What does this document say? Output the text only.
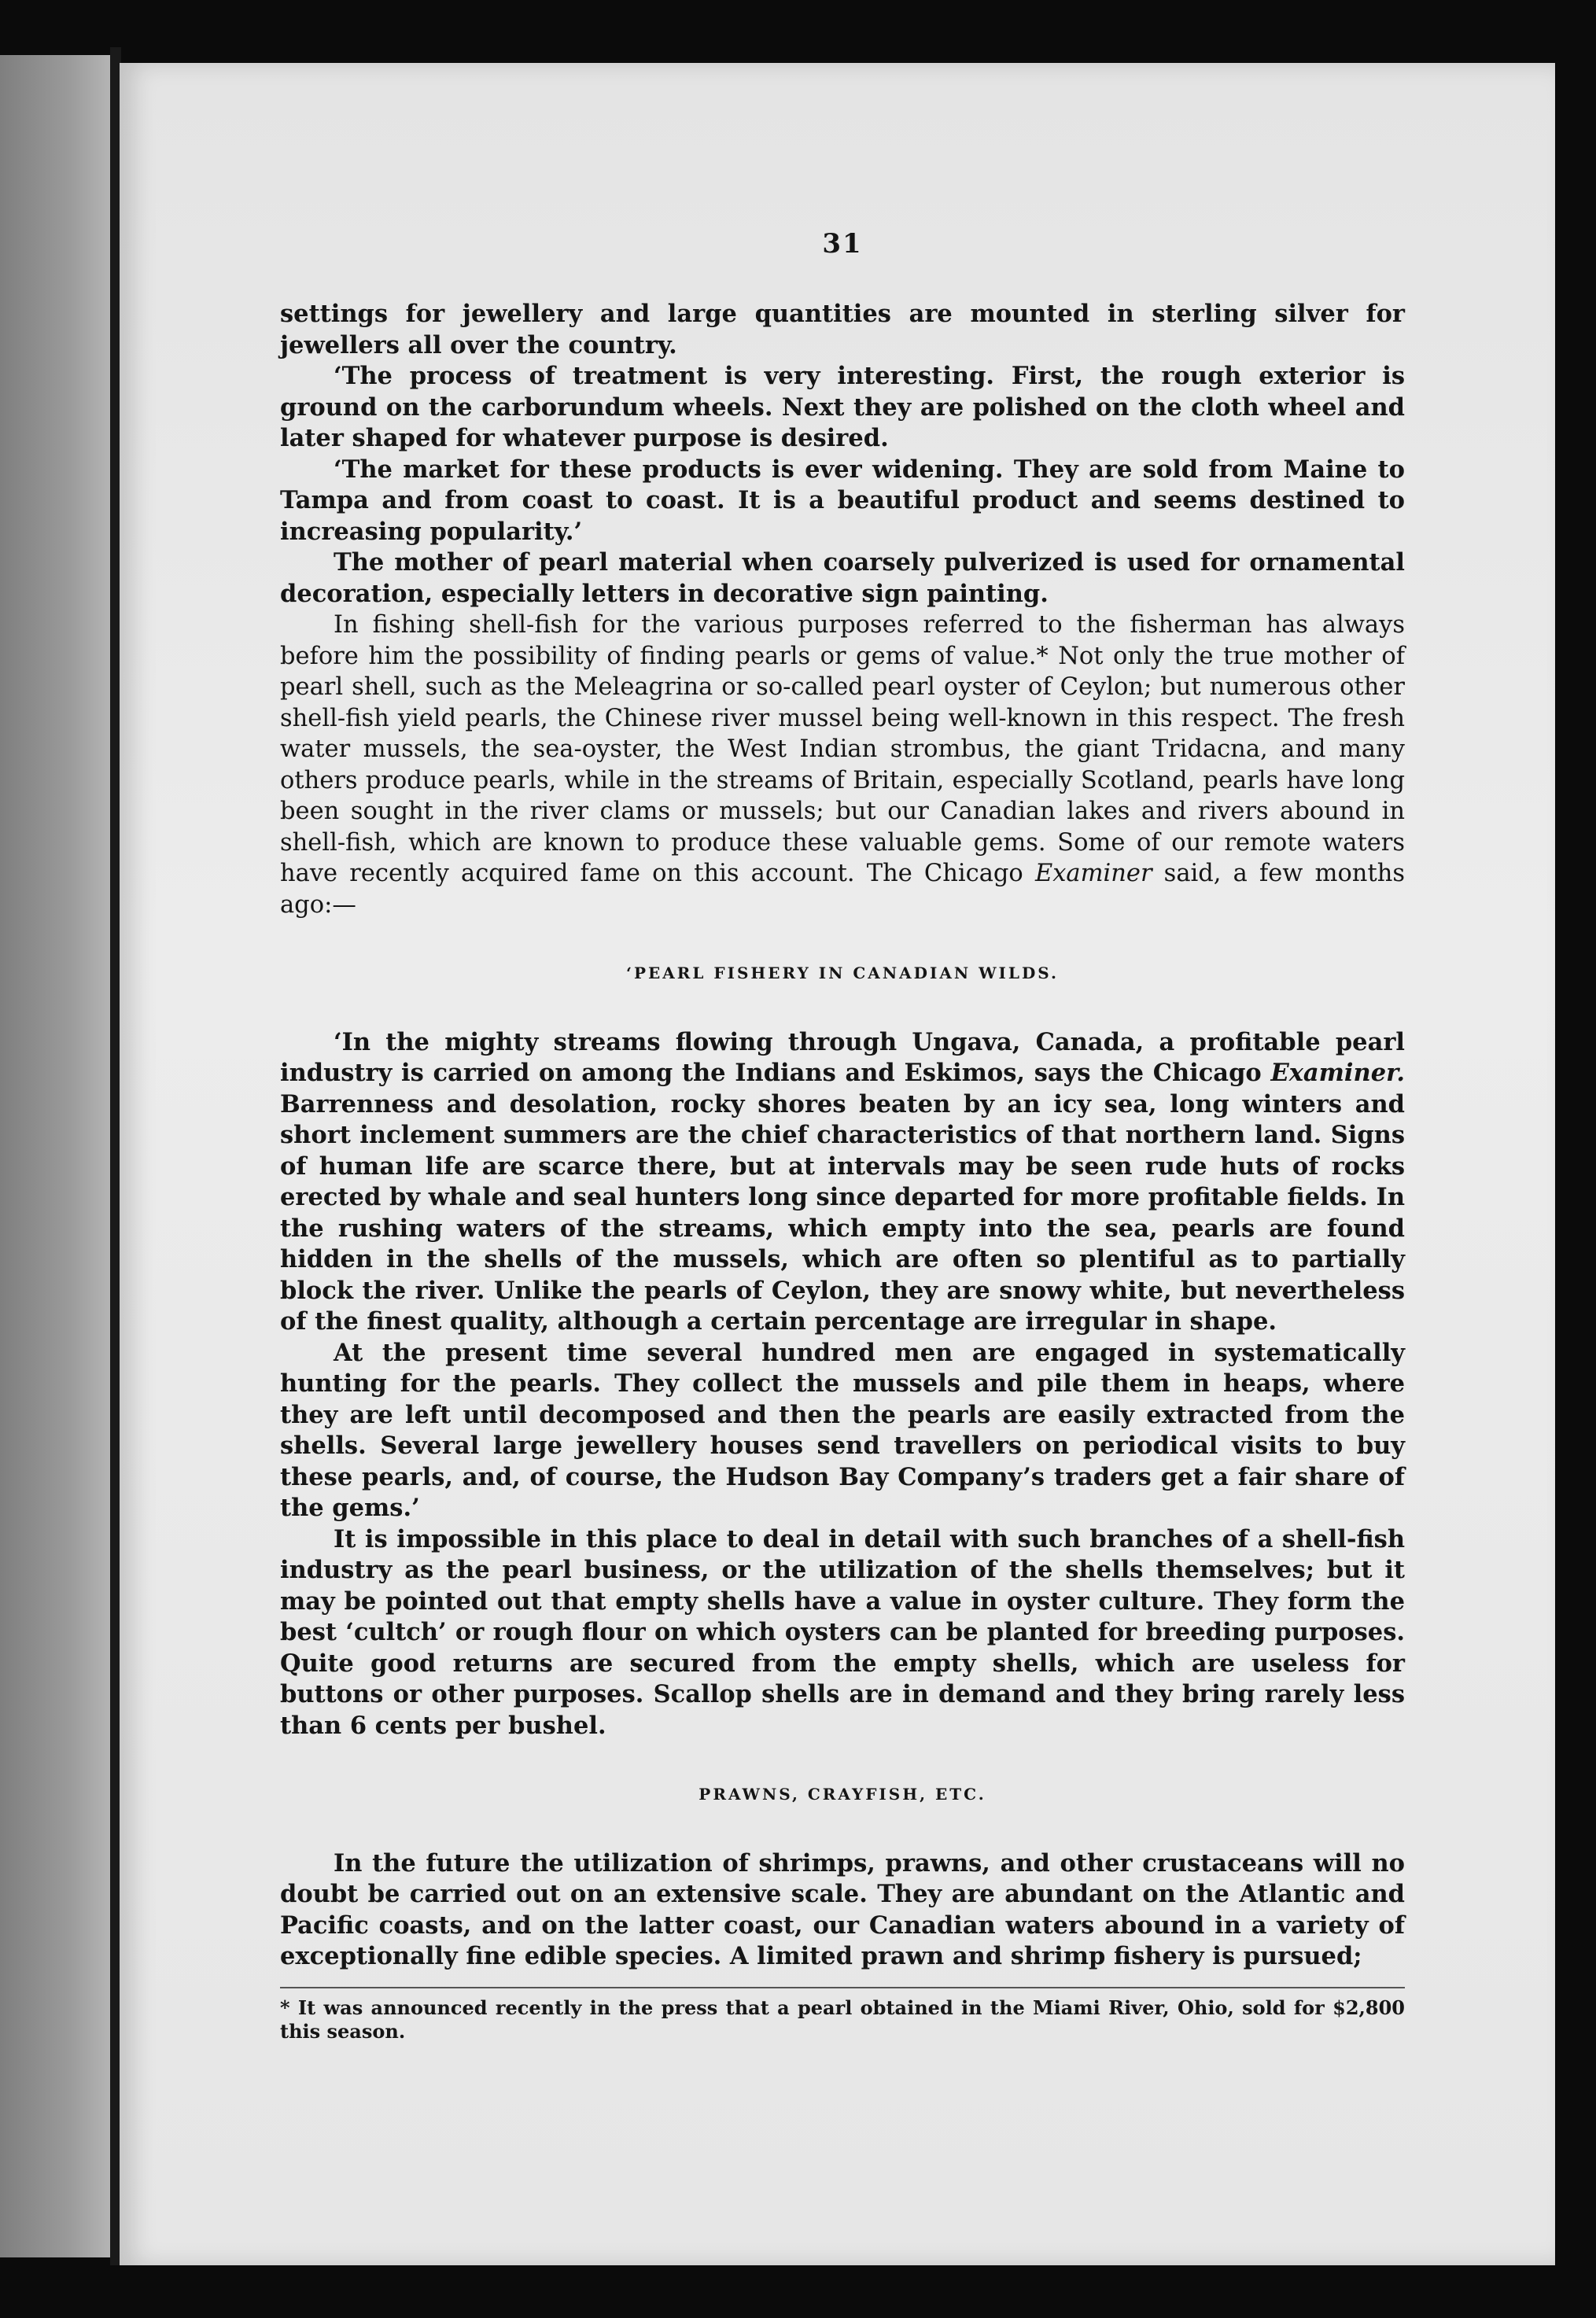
31

settings for jewellery and large quantities are mounted in sterling silver for jewellers all over the country.

‘The process of treatment is very interesting. First, the rough exterior is ground on the carborundum wheels. Next they are polished on the cloth wheel and later shaped for whatever purpose is desired.

‘The market for these products is ever widening. They are sold from Maine to Tampa and from coast to coast. It is a beautiful product and seems destined to increasing popularity.’

The mother of pearl material when coarsely pulverized is used for ornamental decoration, especially letters in decorative sign painting.

In fishing shell-fish for the various purposes referred to the fisherman has always before him the possibility of finding pearls or gems of value.* Not only the true mother of pearl shell, such as the Meleagrina or so-called pearl oyster of Ceylon; but numerous other shell-fish yield pearls, the Chinese river mussel being well-known in this respect. The fresh water mussels, the sea-oyster, the West Indian strombus, the giant Tridacna, and many others produce pearls, while in the streams of Britain, especially Scotland, pearls have long been sought in the river clams or mussels; but our Canadian lakes and rivers abound in shell-fish, which are known to produce these valuable gems. Some of our remote waters have recently acquired fame on this account. The Chicago Examiner said, a few months ago:—

‘PEARL FISHERY IN CANADIAN WILDS.

‘In the mighty streams flowing through Ungava, Canada, a profitable pearl industry is carried on among the Indians and Eskimos, says the Chicago Examiner. Barrenness and desolation, rocky shores beaten by an icy sea, long winters and short inclement summers are the chief characteristics of that northern land. Signs of human life are scarce there, but at intervals may be seen rude huts of rocks erected by whale and seal hunters long since departed for more profitable fields. In the rushing waters of the streams, which empty into the sea, pearls are found hidden in the shells of the mussels, which are often so plentiful as to partially block the river. Unlike the pearls of Ceylon, they are snowy white, but nevertheless of the finest quality, although a certain percentage are irregular in shape.

At the present time several hundred men are engaged in systematically hunting for the pearls. They collect the mussels and pile them in heaps, where they are left until decomposed and then the pearls are easily extracted from the shells. Several large jewellery houses send travellers on periodical visits to buy these pearls, and, of course, the Hudson Bay Company’s traders get a fair share of the gems.’

It is impossible in this place to deal in detail with such branches of a shell-fish industry as the pearl business, or the utilization of the shells themselves; but it may be pointed out that empty shells have a value in oyster culture. They form the best ‘cultch’ or rough flour on which oysters can be planted for breeding purposes. Quite good returns are secured from the empty shells, which are useless for buttons or other purposes. Scallop shells are in demand and they bring rarely less than 6 cents per bushel.

PRAWNS, CRAYFISH, ETC.

In the future the utilization of shrimps, prawns, and other crustaceans will no doubt be carried out on an extensive scale. They are abundant on the Atlantic and Pacific coasts, and on the latter coast, our Canadian waters abound in a variety of exceptionally fine edible species. A limited prawn and shrimp fishery is pursued;

* It was announced recently in the press that a pearl obtained in the Miami River, Ohio, sold for $2,800 this season.
